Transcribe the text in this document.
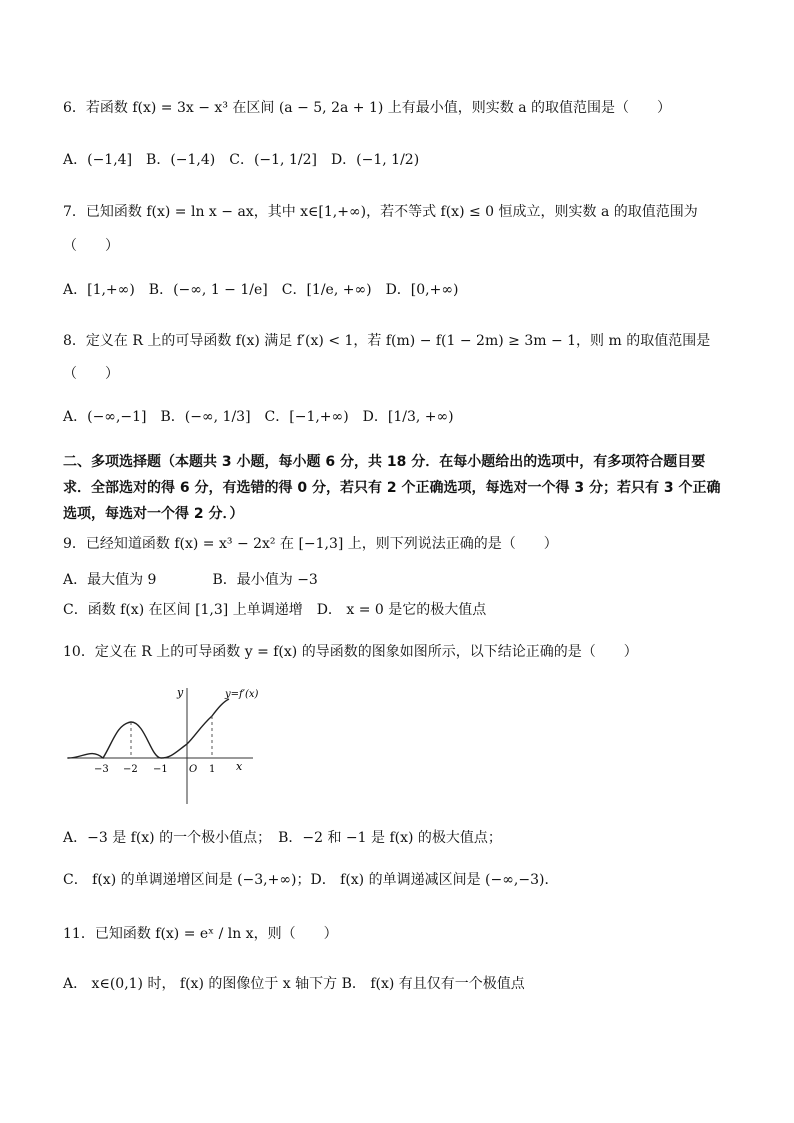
6．若函数 f(x) = 3x − x³ 在区间 (a − 5, 2a + 1) 上有最小值，则实数 a 的取值范围是（　　）
A．(−1,4]　B．(−1,4)　C．(−1, 1/2]　D．(−1, 1/2)
7．已知函数 f(x) = ln x − ax，其中 x∈[1,+∞)，若不等式 f(x) ≤ 0 恒成立，则实数 a 的取值范围为
（　　）
A．[1,+∞)　B．(−∞, 1 − 1/e]　C．[1/e, +∞)　D．[0,+∞)
8．定义在 R 上的可导函数 f(x) 满足 f′(x) < 1，若 f(m) − f(1 − 2m) ≥ 3m − 1，则 m 的取值范围是
（　　）
A．(−∞,−1]　B．(−∞, 1/3]　C．[−1,+∞)　D．[1/3, +∞)
二、多项选择题（本题共 3 小题，每小题 6 分，共 18 分．在每小题给出的选项中，有多项符合题目要求．全部选对的得 6 分，有选错的得 0 分，若只有 2 个正确选项，每选对一个得 3 分；若只有 3 个正确选项，每选对一个得 2 分．）
9．已经知道函数 f(x) = x³ − 2x² 在 [−1,3] 上，则下列说法正确的是（　　）
A．最大值为 9　　　　B．最小值为 −3
C．函数 f(x) 在区间 [1,3] 上单调递增　D． x = 0 是它的极大值点
10．定义在 R 上的可导函数 y = f(x) 的导函数的图象如图所示，以下结论正确的是（　　）
y
x
y=f′(x)
O
−3 −2 −1	1
A．−3 是 f(x) 的一个极小值点；　B．−2 和 −1 是 f(x) 的极大值点；
C． f(x) 的单调递增区间是 (−3,+∞)；D． f(x) 的单调递减区间是 (−∞,−3)．
11．已知函数 f(x) = eˣ / ln x，则（　　）
A． x∈(0,1) 时， f(x) 的图像位于 x 轴下方 B． f(x) 有且仅有一个极值点
